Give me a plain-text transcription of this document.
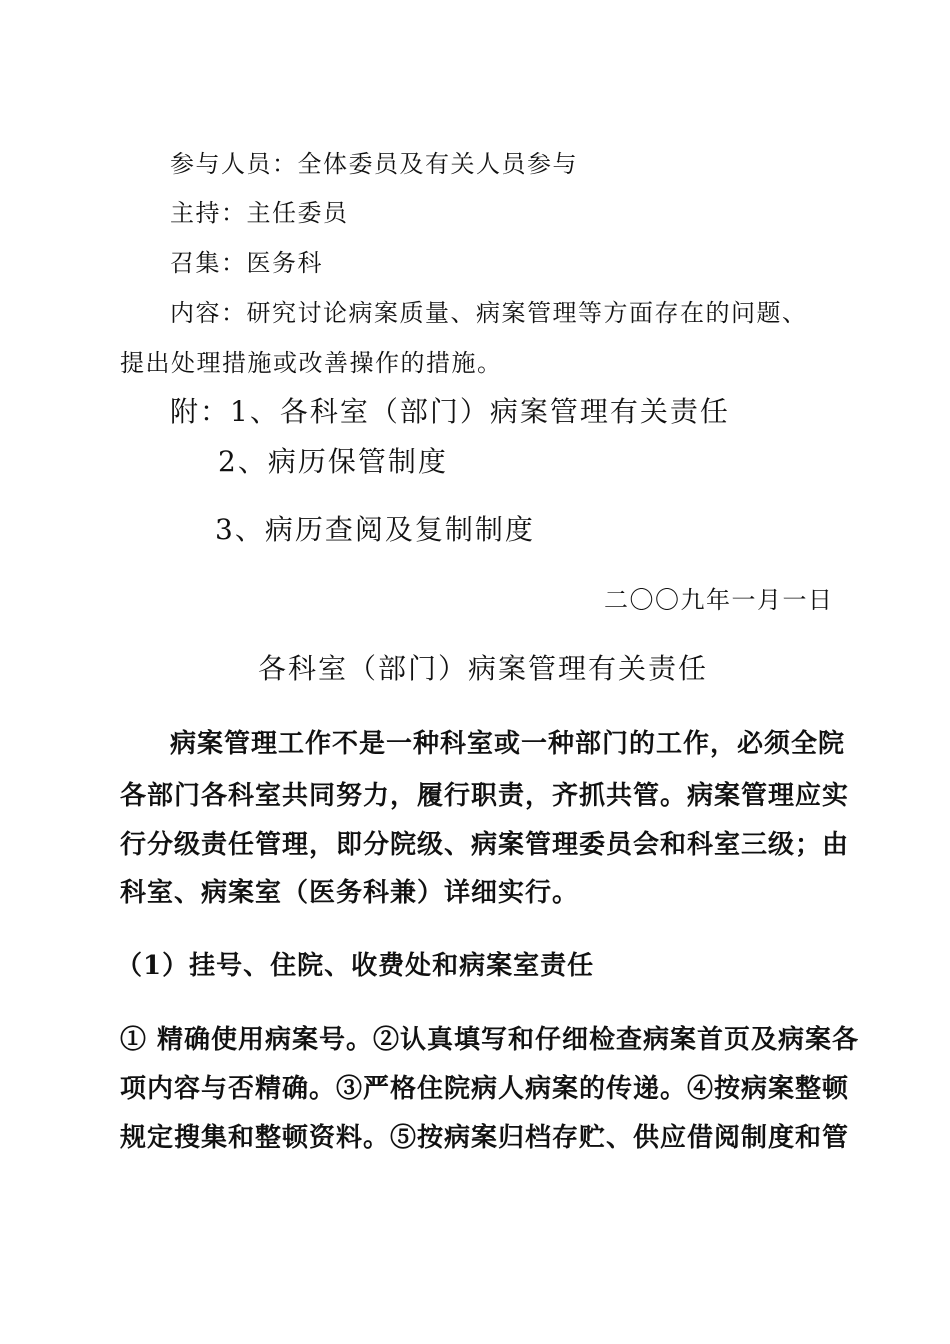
参与人员：全体委员及有关人员参与
主持：主任委员
召集：医务科
内容：研究讨论病案质量、病案管理等方面存在的问题、
提出处理措施或改善操作的措施。
附：1、各科室（部门）病案管理有关责任
2、病历保管制度
3、病历查阅及复制制度
二〇〇九年一月一日
各科室（部门）病案管理有关责任
病案管理工作不是一种科室或一种部门的工作，必须全院
各部门各科室共同努力，履行职责，齐抓共管。病案管理应实
行分级责任管理，即分院级、病案管理委员会和科室三级；由
科室、病案室（医务科兼）详细实行。
（1）挂号、住院、收费处和病案室责任
① 精确使用病案号。②认真填写和仔细检查病案首页及病案各
项内容与否精确。③严格住院病人病案的传递。④按病案整顿
规定搜集和整顿资料。⑤按病案归档存贮、供应借阅制度和管
